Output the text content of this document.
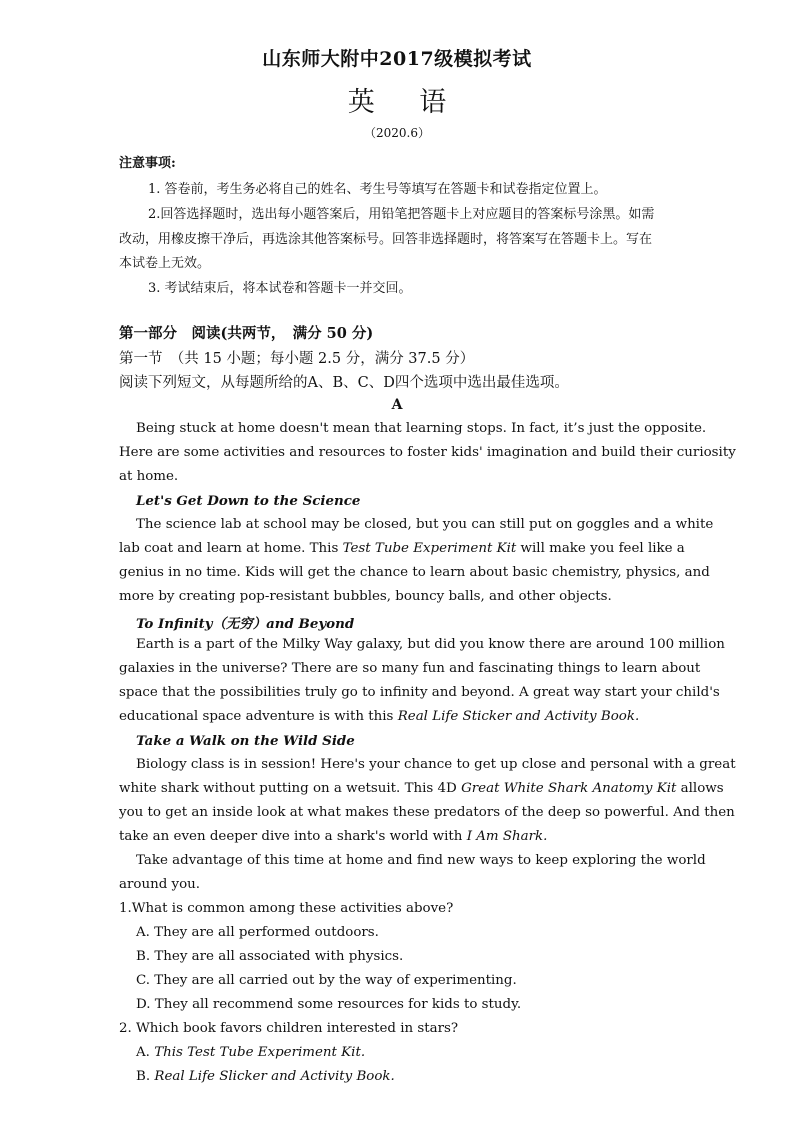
山东师大附中2017级模拟考试
英 语
（2020.6）
注意事项:
1. 答卷前，考生务必将自己的姓名、考生号等填写在答题卡和试卷指定位置上。
2.回答选择题时，选出每小题答案后，用铅笔把答题卡上对应题目的答案标号涂黑。如需
改动，用橡皮擦干净后，再选涂其他答案标号。回答非选择题时，将答案写在答题卡上。写在
本试卷上无效。
3. 考试结束后，将本试卷和答题卡一并交回。
第一部分　阅读(共两节，　满分 50 分)
第一节　（共 15 小题；每小题 2.5 分，满分 37.5 分）
阅读下列短文，从每题所给的A、B、C、D四个选项中选出最佳选项。
A
Being stuck at home doesn't mean that learning stops. In fact, it’s just the opposite.
Here are some activities and resources to foster kids' imagination and build their curiosity
at home.
Let's Get Down to the Science
The science lab at school may be closed, but you can still put on goggles and a white
lab coat and learn at home. This Test Tube Experiment Kit will make you feel like a
genius in no time. Kids will get the chance to learn about basic chemistry, physics, and
more by creating pop-resistant bubbles, bouncy balls, and other objects.
To Infinity（无穷）and Beyond
Earth is a part of the Milky Way galaxy, but did you know there are around 100 million
galaxies in the universe? There are so many fun and fascinating things to learn about
space that the possibilities truly go to infinity and beyond. A great way start your child's
educational space adventure is with this Real Life Sticker and Activity Book.
Take a Walk on the Wild Side
Biology class is in session! Here's your chance to get up close and personal with a great
white shark without putting on a wetsuit. This 4D Great White Shark Anatomy Kit allows
you to get an inside look at what makes these predators of the deep so powerful. And then
take an even deeper dive into a shark's world with I Am Shark.
Take advantage of this time at home and find new ways to keep exploring the world
around you.
1.What is common among these activities above?
A. They are all performed outdoors.
B. They are all associated with physics.
C. They are all carried out by the way of experimenting.
D. They all recommend some resources for kids to study.
2. Which book favors children interested in stars?
A. This Test Tube Experiment Kit.
B. Real Life Slicker and Activity Book.
